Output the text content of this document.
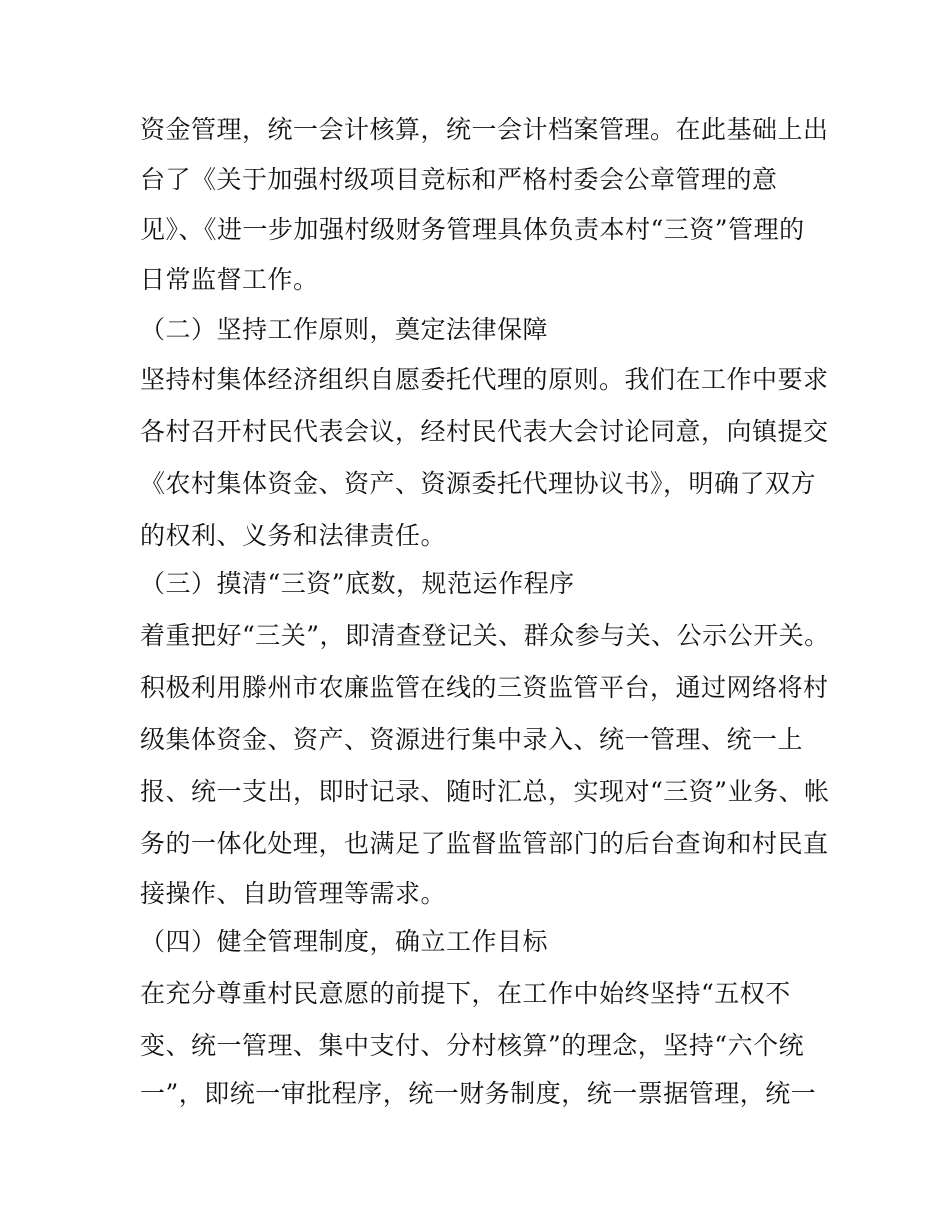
资金管理，统一会计核算，统一会计档案管理。在此基础上出
台了《关于加强村级项目竞标和严格村委会公章管理的意
见》、《进一步加强村级财务管理具体负责本村“三资”管理的
日常监督工作。
（二）坚持工作原则，奠定法律保障
坚持村集体经济组织自愿委托代理的原则。我们在工作中要求
各村召开村民代表会议，经村民代表大会讨论同意，向镇提交
《农村集体资金、资产、资源委托代理协议书》，明确了双方
的权利、义务和法律责任。
（三）摸清“三资”底数，规范运作程序
着重把好“三关”，即清查登记关、群众参与关、公示公开关。
积极利用滕州市农廉监管在线的三资监管平台，通过网络将村
级集体资金、资产、资源进行集中录入、统一管理、统一上
报、统一支出，即时记录、随时汇总，实现对“三资”业务、帐
务的一体化处理，也满足了监督监管部门的后台查询和村民直
接操作、自助管理等需求。
（四）健全管理制度，确立工作目标
在充分尊重村民意愿的前提下，在工作中始终坚持“五权不
变、统一管理、集中支付、分村核算”的理念，坚持“六个统
一”，即统一审批程序，统一财务制度，统一票据管理，统一
